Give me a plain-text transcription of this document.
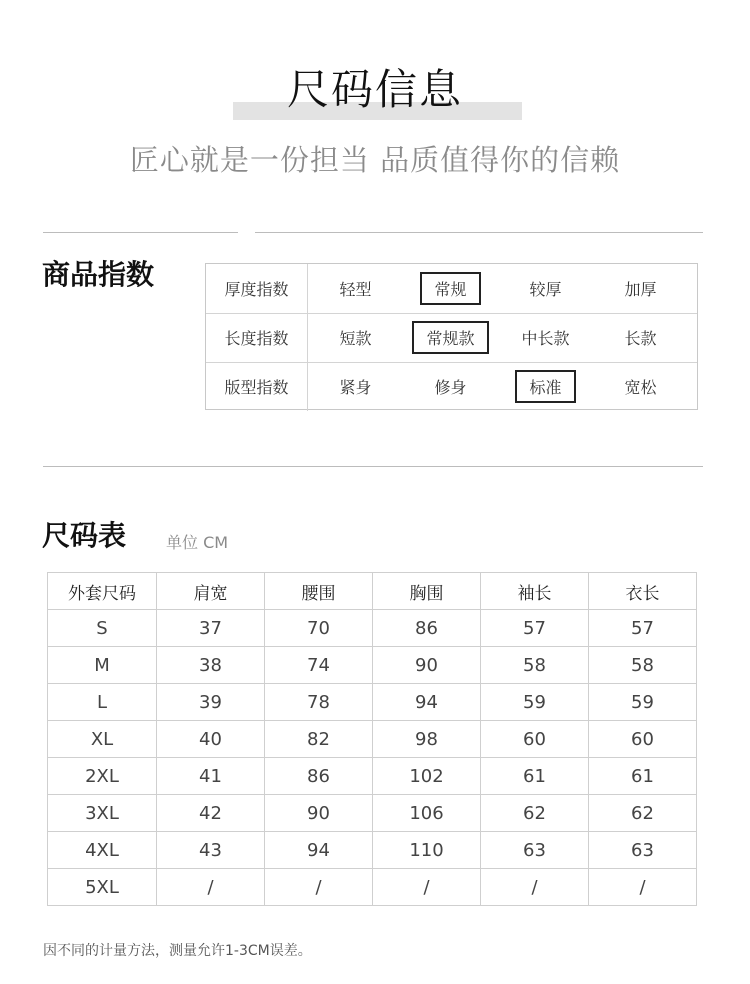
尺码信息
匠心就是一份担当 品质值得你的信赖
商品指数	厚度指数	轻型	常规	较厚	加厚
长度指数	短款	常规款	中长款	长款
版型指数	紧身	修身	标准	宽松
尺码表 单位 CM
外套尺码	肩宽	腰围	胸围	袖长	衣长
S	37	70	86	57	57
M	38	74	90	58	58
L	39	78	94	59	59
XL	40	82	98	60	60
2XL	41	86	102	61	61
3XL	42	90	106	62	62
4XL	43	94	110	63	63
5XL	/	/	/	/	/
因不同的计量方法，测量允许1-3CM误差。
